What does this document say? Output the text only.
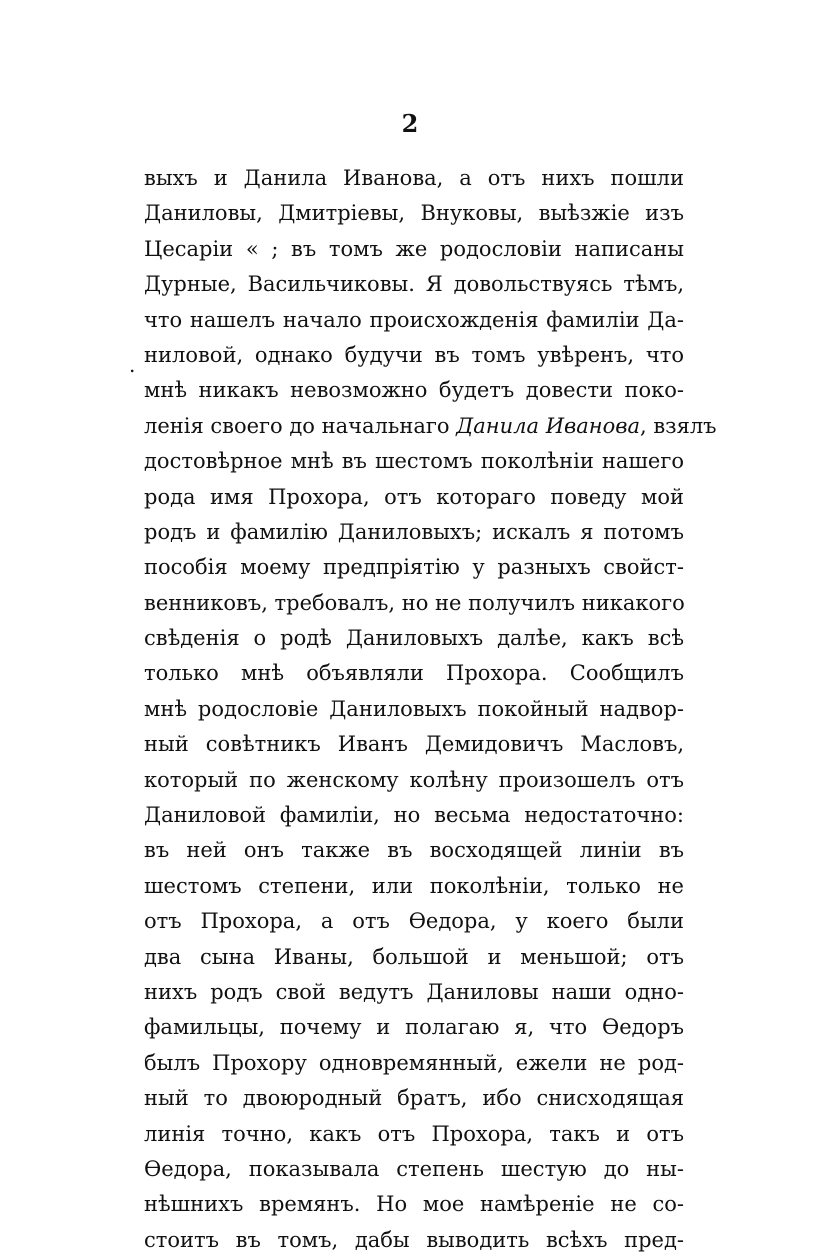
2
.
выхъ и Данила Иванова, а отъ нихъ пошли
Даниловы, Дмитріевы, Внуковы, выѣзжіе изъ
Цесаріи « ; въ томъ же родословіи написаны
Дурные, Васильчиковы. Я довольствуясь тѣмъ,
что нашелъ начало происхожденія фамиліи Да-
ниловой, однако будучи въ томъ увѣренъ, что
мнѣ никакъ невозможно будетъ довести поко-
ленія своего до начальнаго Данила Иванова, взялъ
достовѣрное мнѣ въ шестомъ поколѣніи нашего
рода имя Прохора, отъ котораго поведу мой
родъ и фамилію Даниловыхъ; искалъ я потомъ
пособія моему предпріятію у разныхъ свойст-
венниковъ, требовалъ, но не получилъ никакого
свѣденія о родѣ Даниловыхъ далѣе, какъ всѣ
только мнѣ объявляли Прохора. Сообщилъ
мнѣ родословіе Даниловыхъ покойный надвор-
ный совѣтникъ Иванъ Демидовичъ Масловъ,
который по женскому колѣну произошелъ отъ
Даниловой фамиліи, но весьма недостаточно:
въ ней онъ также въ восходящей линіи въ
шестомъ степени, или поколѣніи, только не
отъ Прохора, а отъ Ѳедора, у коего были
два сына Иваны, большой и меньшой; отъ
нихъ родъ свой ведутъ Даниловы наши одно-
фамильцы, почему и полагаю я, что Ѳедоръ
былъ Прохору одновремянный, ежели не род-
ный то двоюродный братъ, ибо снисходящая
линія точно, какъ отъ Прохора, такъ и отъ
Ѳедора, показывала степень шестую до ны-
нѣшнихъ времянъ. Но мое намѣреніе не со-
стоитъ въ томъ, дабы выводить всѣхъ пред-
